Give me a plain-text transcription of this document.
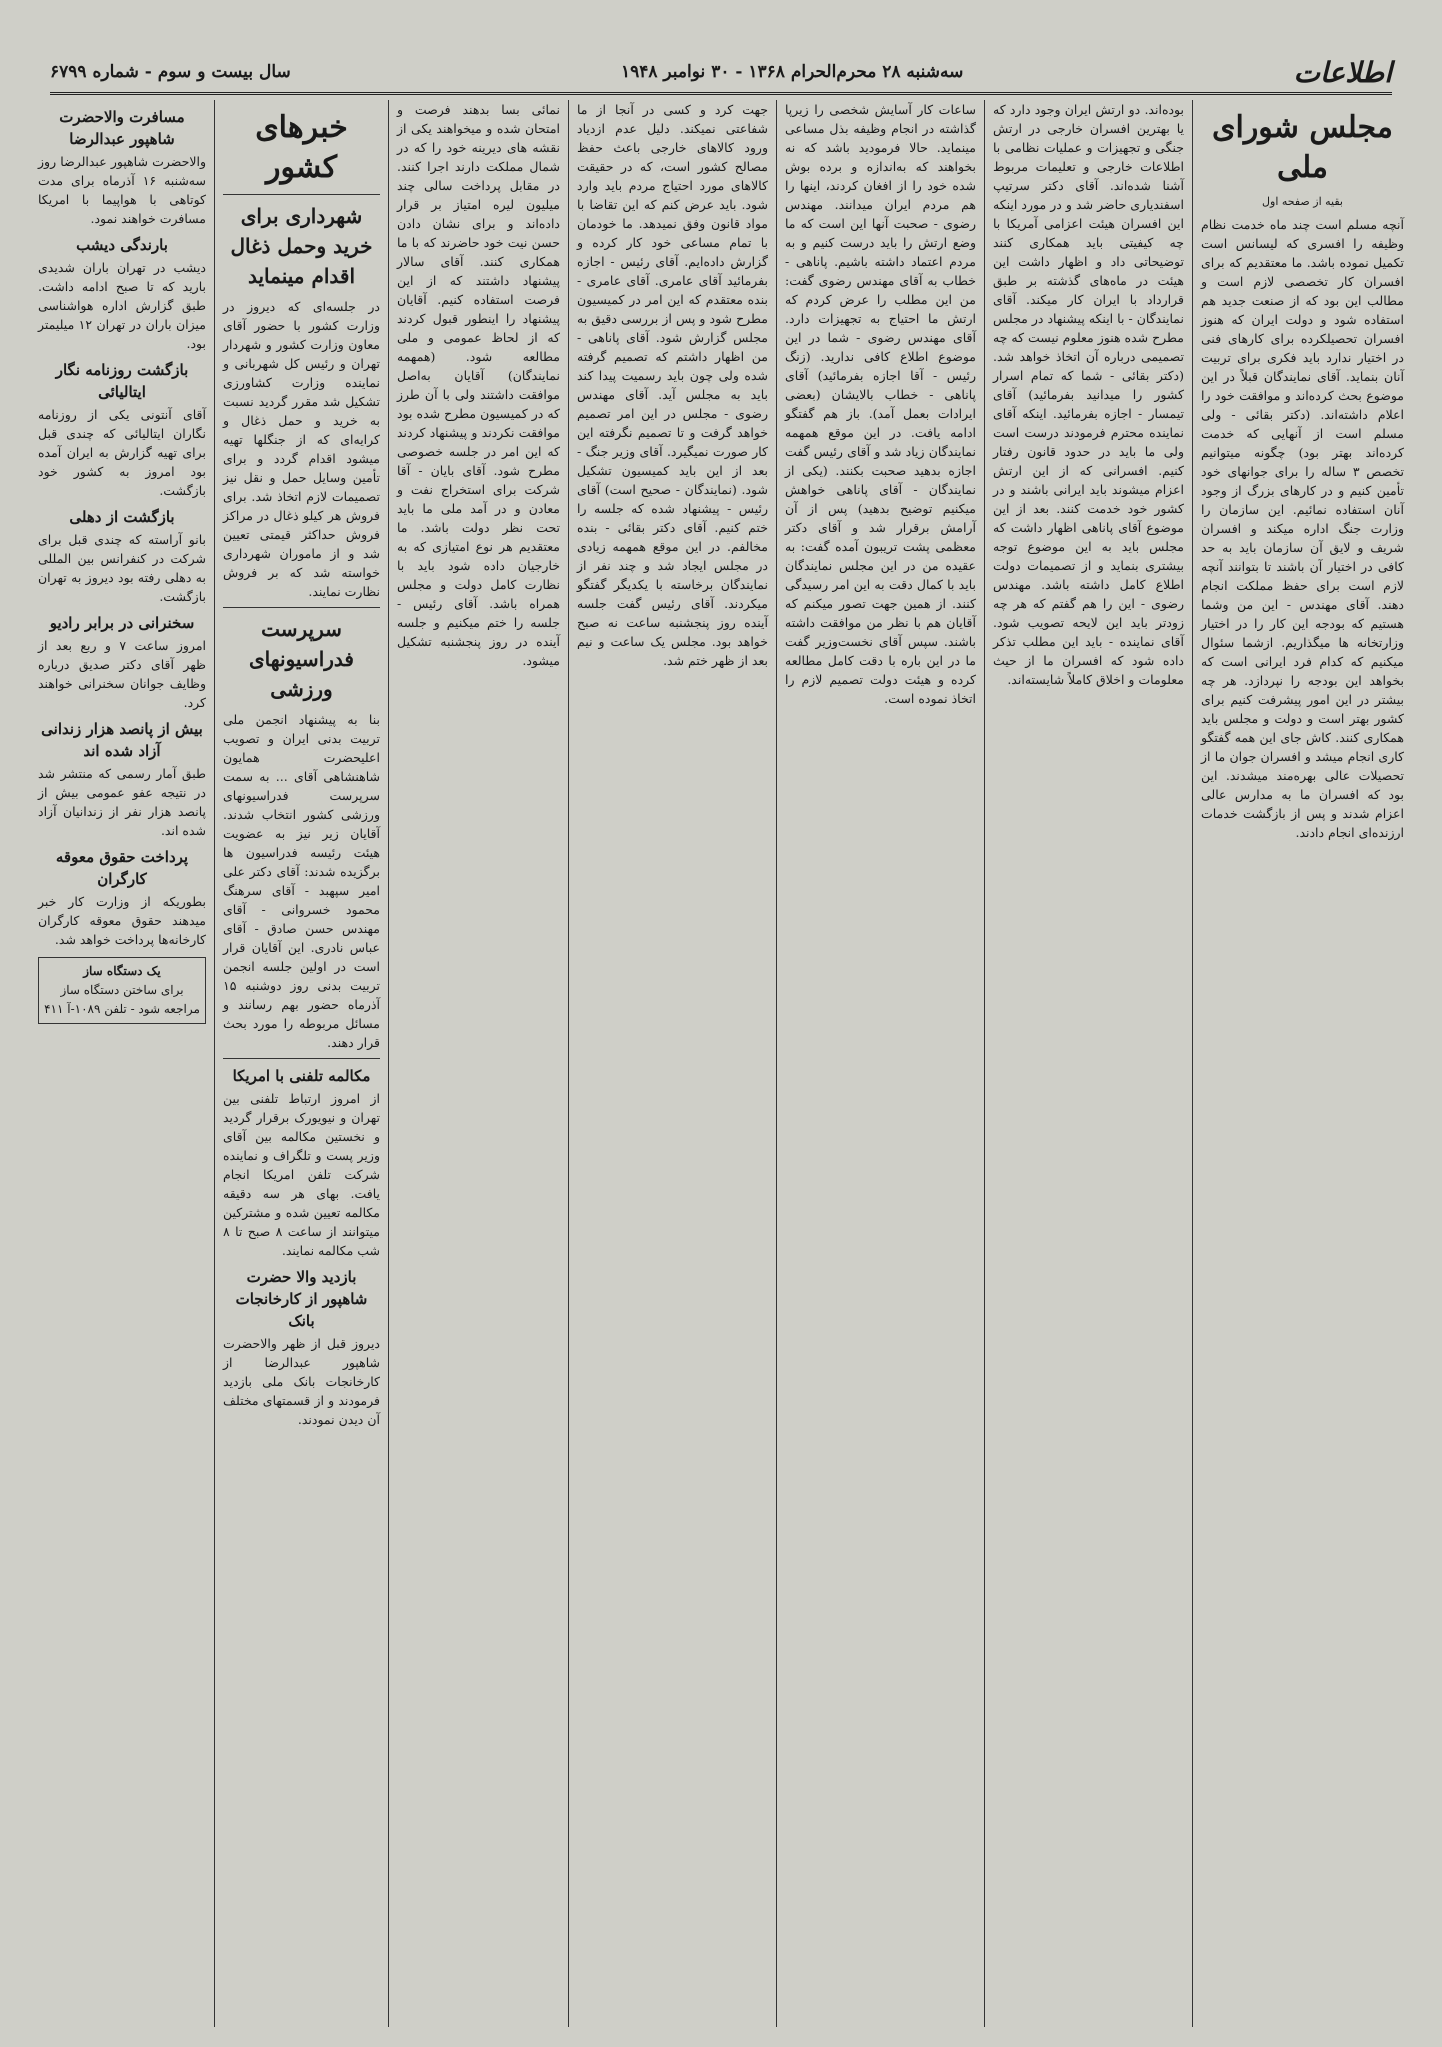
اطلاعات
سه‌شنبه ۲۸ محرم‌الحرام ۱۳۶۸ - ۳۰ نوامبر ۱۹۴۸
سال بیست و سوم - شماره ۶۷۹۹
مجلس شورای ملی
بقیه از صفحه اول

آنچه مسلم است چند ماه خدمت نظام وظیفه را افسری که لیسانس است تکمیل نموده باشد. ما معتقدیم که برای افسران کار تخصصی لازم است و مطالب این بود که از صنعت جدید هم استفاده شود و دولت ایران که هنوز افسران تحصیلکرده برای کارهای فنی در اختیار ندارد باید فکری برای تربیت آنان بنماید. آقای نمایندگان قبلاً در این موضوع بحث کرده‌اند و موافقت خود را اعلام داشته‌اند. (دکتر بقائی - ولی مسلم است از آنهایی که خدمت کرده‌اند بهتر بود) چگونه میتوانیم تخصص ۳ ساله را برای جوانهای خود تأمین کنیم و در کارهای بزرگ از وجود آنان استفاده نمائیم. این سازمان را وزارت جنگ اداره میکند و افسران شریف و لایق آن سازمان باید به حد کافی در اختیار آن باشند تا بتوانند آنچه لازم است برای حفظ مملکت انجام دهند. آقای مهندس - این من وشما هستیم که بودجه این کار را در اختیار وزارتخانه ها میگذاریم. ازشما سئوال میکنیم که کدام فرد ایرانی است که بخواهد این بودجه را نپردازد. هر چه بیشتر در این امور پیشرفت کنیم برای کشور بهتر است و دولت و مجلس باید همکاری کنند. کاش جای این همه گفتگو کاری انجام میشد و افسران جوان ما از تحصیلات عالی بهره‌مند میشدند. این بود که افسران ما به مدارس عالی اعزام شدند و پس از بازگشت خدمات ارزنده‌ای انجام دادند.

بوده‌اند. دو ارتش ایران وجود دارد که یا بهترین افسران خارجی در ارتش جنگی و تجهیزات و عملیات نظامی با اطلاعات خارجی و تعلیمات مربوط آشنا شده‌اند. آقای دکتر سرتیپ اسفندیاری حاضر شد و در مورد اینکه این افسران هیئت اعزامی آمریکا با چه کیفیتی باید همکاری کنند توضیحاتی داد و اظهار داشت این هیئت در ماه‌های گذشته بر طبق قرارداد با ایران کار میکند. آقای نمایندگان - با اینکه پیشنهاد در مجلس مطرح شده هنوز معلوم نیست که چه تصمیمی درباره آن اتخاذ خواهد شد. (دکتر بقائی - شما که تمام اسرار کشور را میدانید بفرمائید) آقای تیمسار - اجازه بفرمائید. اینکه آقای نماینده محترم فرمودند درست است ولی ما باید در حدود قانون رفتار کنیم. افسرانی که از این ارتش اعزام میشوند باید ایرانی باشند و در کشور خود خدمت کنند. بعد از این موضوع آقای پاناهی اظهار داشت که مجلس باید به این موضوع توجه بیشتری بنماید و از تصمیمات دولت اطلاع کامل داشته باشد. مهندس رضوی - این را هم گفتم که هر چه زودتر باید این لایحه تصویب شود. آقای نماینده - باید این مطلب تذکر داده شود که افسران ما از حیث معلومات و اخلاق کاملاً شایسته‌اند.

ساعات کار آسایش شخصی را زیرپا گذاشته در انجام وظیفه بذل مساعی مینماید. حالا فرمودید باشد که نه بخواهند که به‌اندازه و برده بوش شده خود را از افغان کردند، اینها را هم مردم ایران میدانند. مهندس رضوی - صحبت آنها این است که ما وضع ارتش را باید درست کنیم و به مردم اعتماد داشته باشیم. پاناهی - خطاب به آقای مهندس رضوی گفت: من این مطلب را عرض کردم که ارتش ما احتیاج به تجهیزات دارد. آقای مهندس رضوی - شما در این موضوع اطلاع کافی ندارید. (زنگ رئیس - آقا اجازه بفرمائید) آقای پاناهی - خطاب بالایشان (بعضی ایرادات بعمل آمد). باز هم گفتگو ادامه یافت. در این موقع همهمه نمایندگان زیاد شد و آقای رئیس گفت اجازه بدهید صحبت بکنند. (یکی از نمایندگان - آقای پاناهی خواهش میکنیم توضیح بدهید) پس از آن آرامش برقرار شد و آقای دکتر معظمی پشت تریبون آمده گفت: به عقیده من در این مجلس نمایندگان باید با کمال دقت به این امر رسیدگی کنند. از همین جهت تصور میکنم که آقایان هم با نظر من موافقت داشته باشند. سپس آقای نخست‌وزیر گفت ما در این باره با دقت کامل مطالعه کرده و هیئت دولت تصمیم لازم را اتخاذ نموده است.

جهت کرد و کسی در آنجا از ما شفاعتی نمیکند. دلیل عدم ازدیاد ورود کالاهای خارجی باعث حفظ مصالح کشور است، که در حقیقت کالاهای مورد احتیاج مردم باید وارد شود. باید عرض کنم که این تقاضا با مواد قانون وفق نمیدهد. ما خودمان با تمام مساعی خود کار کرده و گزارش داده‌ایم. آقای رئیس - اجازه بفرمائید آقای عامری. آقای عامری - بنده معتقدم که این امر در کمیسیون مطرح شود و پس از بررسی دقیق به مجلس گزارش شود. آقای پاناهی - من اظهار داشتم که تصمیم گرفته شده ولی چون باید رسمیت پیدا کند باید به مجلس آید. آقای مهندس رضوی - مجلس در این امر تصمیم خواهد گرفت و تا تصمیم نگرفته این کار صورت نمیگیرد. آقای وزیر جنگ - بعد از این باید کمیسیون تشکیل شود. (نمایندگان - صحیح است) آقای رئیس - پیشنهاد شده که جلسه را ختم کنیم. آقای دکتر بقائی - بنده مخالفم. در این موقع همهمه زیادی در مجلس ایجاد شد و چند نفر از نمایندگان برخاسته با یکدیگر گفتگو میکردند. آقای رئیس گفت جلسه آینده روز پنجشنبه ساعت نه صبح خواهد بود. مجلس یک ساعت و نیم بعد از ظهر ختم شد.

نمائی بسا بدهند فرصت و امتحان شده و میخواهند یکی از نقشه های دیرینه خود را که در شمال مملکت دارند اجرا کنند. در مقابل پرداخت سالی چند میلیون لیره امتیاز بر قرار داده‌اند و برای نشان دادن حسن نیت خود حاضرند که با ما همکاری کنند. آقای سالار پیشنهاد داشتند که از این فرصت استفاده کنیم. آقایان پیشنهاد را اینطور قبول کردند که از لحاظ عمومی و ملی مطالعه شود. (همهمه نمایندگان) آقایان به‌اصل موافقت داشتند ولی با آن طرز که در کمیسیون مطرح شده بود موافقت نکردند و پیشنهاد کردند که این امر در جلسه خصوصی مطرح شود. آقای بایان - آقا شرکت برای استخراج نفت و معادن و در آمد ملی ما باید تحت نظر دولت باشد. ما معتقدیم هر نوع امتیازی که به خارجیان داده شود باید با نظارت کامل دولت و مجلس همراه باشد. آقای رئیس - جلسه را ختم میکنیم و جلسه آینده در روز پنجشنبه تشکیل میشود.

خبرهای کشور
شهرداری برای خرید وحمل ذغال اقدام مینماید

در جلسه‌ای که دیروز در وزارت کشور با حضور آقای معاون وزارت کشور و شهردار تهران و رئیس کل شهربانی و نماینده وزارت کشاورزی تشکیل شد مقرر گردید نسبت به خرید و حمل ذغال و کرایه‌ای که از جنگلها تهیه میشود اقدام گردد و برای تأمین وسایل حمل و نقل نیز تصمیمات لازم اتخاذ شد. برای فروش هر کیلو ذغال در مراکز فروش حداکثر قیمتی تعیین شد و از ماموران شهرداری خواسته شد که بر فروش نظارت نمایند.

سرپرست فدراسیونهای ورزشی

بنا به پیشنهاد انجمن ملی تربیت بدنی ایران و تصویب اعلیحضرت همایون شاهنشاهی آقای ... به سمت سرپرست فدراسیونهای ورزشی کشور انتخاب شدند. آقایان زیر نیز به عضویت هیئت رئیسه فدراسیون ها برگزیده شدند: آقای دکتر علی امیر سپهبد - آقای سرهنگ محمود خسروانی - آقای مهندس حسن صادق - آقای عباس نادری. این آقایان قرار است در اولین جلسه انجمن تربیت بدنی روز دوشنبه ۱۵ آذرماه حضور بهم رسانند و مسائل مربوطه را مورد بحث قرار دهند.

مکالمه تلفنی با امریکا

از امروز ارتباط تلفنی بین تهران و نیویورک برقرار گردید و نخستین مکالمه بین آقای وزیر پست و تلگراف و نماینده شرکت تلفن امریکا انجام یافت. بهای هر سه دقیقه مکالمه تعیین شده و مشترکین میتوانند از ساعت ۸ صبح تا ۸ شب مکالمه نمایند.

بازدید والا حضرت شاهپور از کارخانجات بانک

دیروز قبل از ظهر والاحضرت شاهپور عبدالرضا از کارخانجات بانک ملی بازدید فرمودند و از قسمتهای مختلف آن دیدن نمودند.

مسافرت والاحضرت شاهپور عبدالرضا

والاحضرت شاهپور عبدالرضا روز سه‌شنبه ۱۶ آذرماه برای مدت کوتاهی با هواپیما با امریکا مسافرت خواهند نمود.

بارندگی دیشب

دیشب در تهران باران شدیدی بارید که تا صبح ادامه داشت. طبق گزارش اداره هواشناسی میزان باران در تهران ۱۲ میلیمتر بود.

بازگشت روزنامه نگار ایتالیائی

آقای آنتونی یکی از روزنامه نگاران ایتالیائی که چندی قبل برای تهیه گزارش به ایران آمده بود امروز به کشور خود بازگشت.

بازگشت از دهلی

بانو آراسته که چندی قبل برای شرکت در کنفرانس بین المللی به دهلی رفته بود دیروز به تهران بازگشت.

سخنرانی در برابر رادیو

امروز ساعت ۷ و ربع بعد از ظهر آقای دکتر صدیق درباره وظایف جوانان سخنرانی خواهند کرد.

بیش از پانصد هزار زندانی آزاد شده اند

طبق آمار رسمی که منتشر شد در نتیجه عفو عمومی بیش از پانصد هزار نفر از زندانیان آزاد شده اند.

پرداخت حقوق معوقه کارگران

بطوریکه از وزارت کار خبر میدهند حقوق معوقه کارگران کارخانه‌ها پرداخت خواهد شد.

یک دستگاه ساز
برای ساختن دستگاه ساز مراجعه شود - تلفن ۱۰۸۹-آ ۴۱۱
